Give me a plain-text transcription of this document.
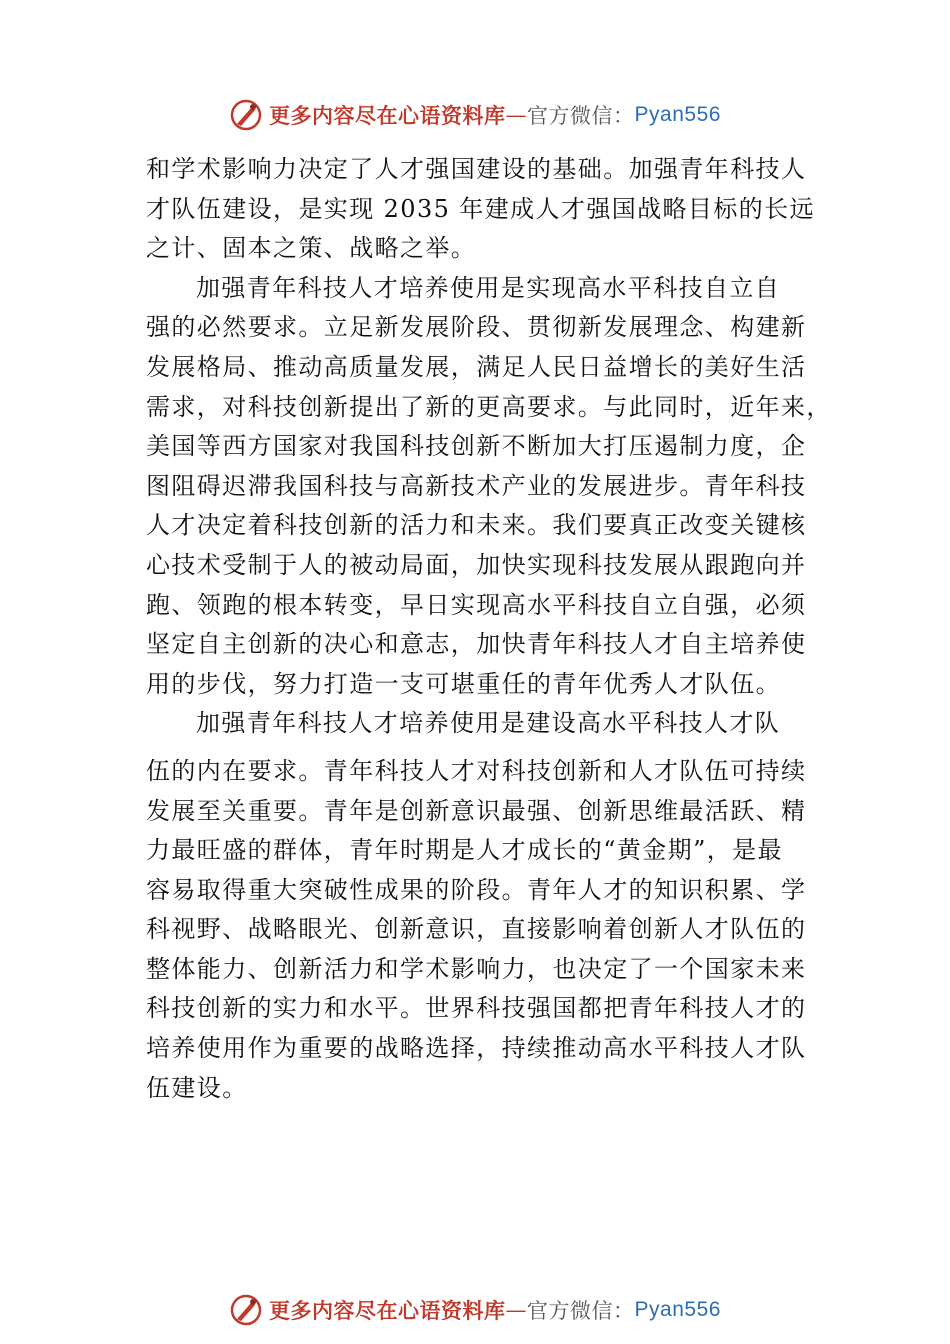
更多内容尽在心语资料库 — 官方微信： Pyan556
和学术影响力决定了人才强国建设的基础。加强青年科技人
才队伍建设，是实现 2035 年建成人才强国战略目标的长远
之计、固本之策、战略之举。
加强青年科技人才培养使用是实现高水平科技自立自
强的必然要求。立足新发展阶段、贯彻新发展理念、构建新
发展格局、推动高质量发展，满足人民日益增长的美好生活
需求，对科技创新提出了新的更高要求。与此同时，近年来，
美国等西方国家对我国科技创新不断加大打压遏制力度，企
图阻碍迟滞我国科技与高新技术产业的发展进步。青年科技
人才决定着科技创新的活力和未来。我们要真正改变关键核
心技术受制于人的被动局面，加快实现科技发展从跟跑向并
跑、领跑的根本转变，早日实现高水平科技自立自强，必须
坚定自主创新的决心和意志，加快青年科技人才自主培养使
用的步伐，努力打造一支可堪重任的青年优秀人才队伍。
加强青年科技人才培养使用是建设高水平科技人才队
伍的内在要求。青年科技人才对科技创新和人才队伍可持续
发展至关重要。青年是创新意识最强、创新思维最活跃、精
力最旺盛的群体，青年时期是人才成长的“黄金期”，是最
容易取得重大突破性成果的阶段。青年人才的知识积累、学
科视野、战略眼光、创新意识，直接影响着创新人才队伍的
整体能力、创新活力和学术影响力，也决定了一个国家未来
科技创新的实力和水平。世界科技强国都把青年科技人才的
培养使用作为重要的战略选择，持续推动高水平科技人才队
伍建设。
更多内容尽在心语资料库 — 官方微信： Pyan556
